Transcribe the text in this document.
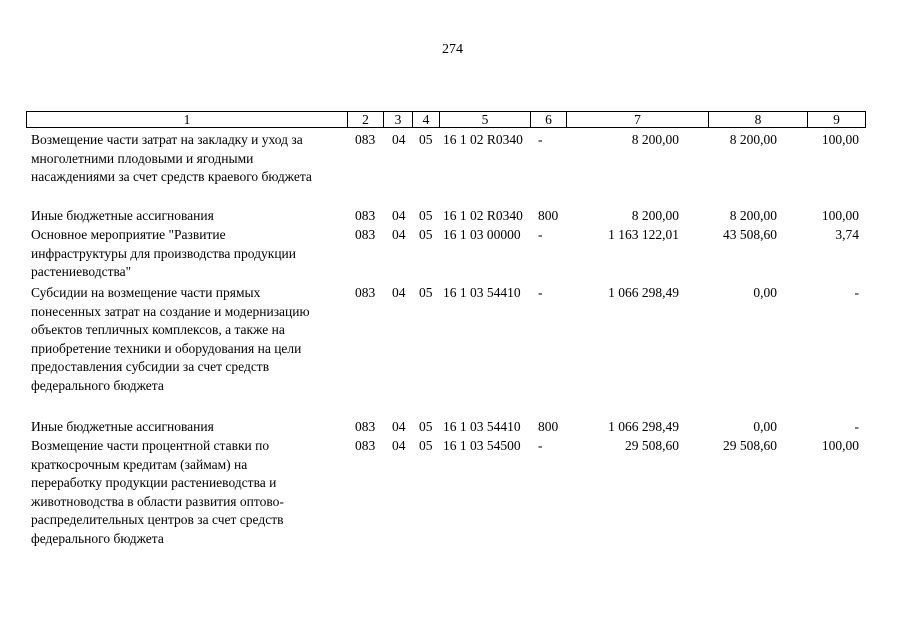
274
1	2	3	4	5	6	7	8	9
Возмещение части затрат на закладку и уход за
многолетними плодовыми и ягодными
насаждениями за счет средств краевого бюджета
083 04 05 16 1 02 R0340 -	8 200,00	8 200,00	100,00
Иные бюджетные ассигнования	083 04 05 16 1 02 R0340 800	8 200,00	8 200,00	100,00
Основное мероприятие "Развитие
инфраструктуры для производства продукции
растениеводства"
083 04 05 16 1 03 00000 -	1 163 122,01	43 508,60	3,74
Субсидии на возмещение части прямых
понесенных затрат на создание и модернизацию
объектов тепличных комплексов, а также на
приобретение техники и оборудования на цели
предоставления субсидии за счет средств
федерального бюджета
083 04 05 16 1 03 54410 -	1 066 298,49	0,00	-
Иные бюджетные ассигнования	083 04 05 16 1 03 54410 800	1 066 298,49	0,00	-
Возмещение части процентной ставки по
краткосрочным кредитам (займам) на
переработку продукции растениеводства и
животноводства в области развития оптово-
распределительных центров за счет средств
федерального бюджета
083 04 05 16 1 03 54500 -	29 508,60	29 508,60	100,00
